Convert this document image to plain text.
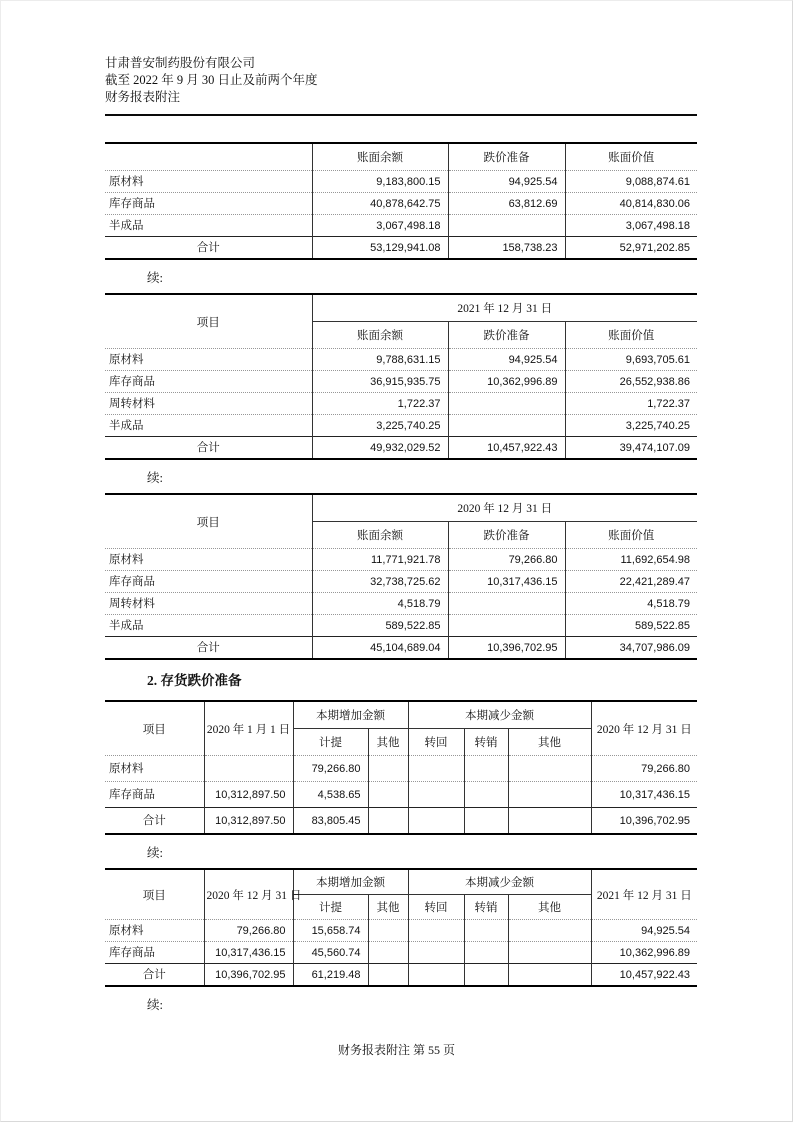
甘肃普安制药股份有限公司
截至 2022 年 9 月 30 日止及前两个年度
财务报表附注
	账面余额	跌价准备	账面价值
原材料	9,183,800.15	94,925.54	9,088,874.61
库存商品	40,878,642.75	63,812.69	40,814,830.06
半成品	3,067,498.18		3,067,498.18
合计	53,129,941.08	158,738.23	52,971,202.85
续:
项目	2021 年 12 月 31 日		
	账面余额	跌价准备	账面价值
原材料	9,788,631.15	94,925.54	9,693,705.61
库存商品	36,915,935.75	10,362,996.89	26,552,938.86
周转材料	1,722.37		1,722.37
半成品	3,225,740.25		3,225,740.25
合计	49,932,029.52	10,457,922.43	39,474,107.09
续:
项目	2020 年 12 月 31 日		
	账面余额	跌价准备	账面价值
原材料	11,771,921.78	79,266.80	11,692,654.98
库存商品	32,738,725.62	10,317,436.15	22,421,289.47
周转材料	4,518.79		4,518.79
半成品	589,522.85		589,522.85
合计	45,104,689.04	10,396,702.95	34,707,986.09
2. 存货跌价准备
项目	2020 年 1 月 1 日	本期增加金额		本期减少金额			2020 年 12 月 31 日
		计提	其他	转回	转销	其他	
原材料		79,266.80					79,266.80
库存商品	10,312,897.50	4,538.65					10,317,436.15
合计	10,312,897.50	83,805.45					10,396,702.95
续:
项目	2020 年 12 月 31 日	本期增加金额		本期减少金额			2021 年 12 月 31 日
		计提	其他	转回	转销	其他	
原材料	79,266.80	15,658.74					94,925.54
库存商品	10,317,436.15	45,560.74					10,362,996.89
合计	10,396,702.95	61,219.48					10,457,922.43
续:
财务报表附注 第 55 页
